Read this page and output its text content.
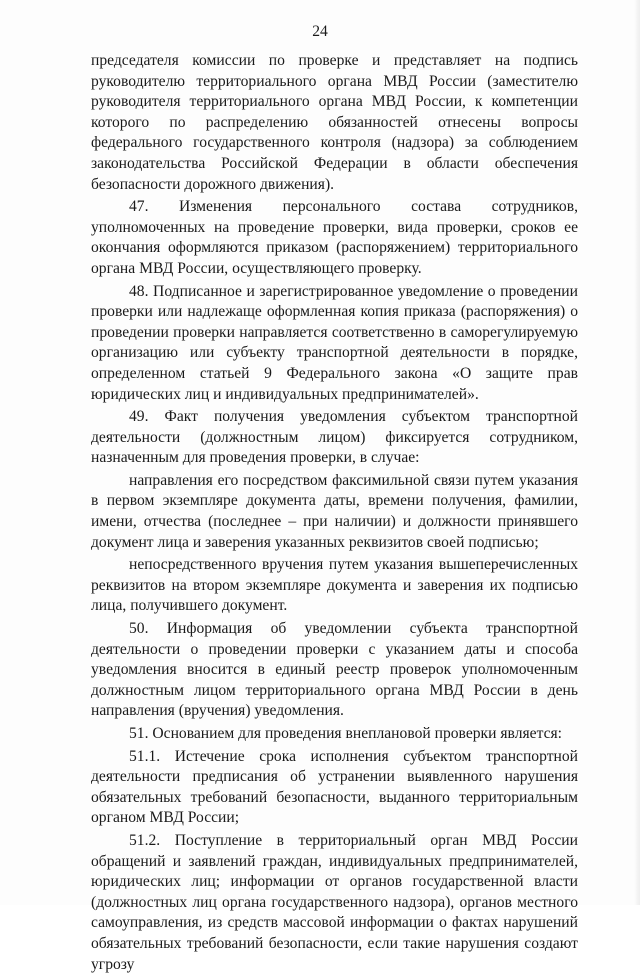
24

председателя комиссии по проверке и представляет на подпись руководителю территориального органа МВД России (заместителю руководителя территориального органа МВД России, к компетенции которого по распределению обязанностей отнесены вопросы федерального государственного контроля (надзора) за соблюдением законодательства Российской Федерации в области обеспечения безопасности дорожного движения).

47. Изменения персонального состава сотрудников, уполномоченных на проведение проверки, вида проверки, сроков ее окончания оформляются приказом (распоряжением) территориального органа МВД России, осуществляющего проверку.

48. Подписанное и зарегистрированное уведомление о проведении проверки или надлежаще оформленная копия приказа (распоряжения) о проведении проверки направляется соответственно в саморегулируемую организацию или субъекту транспортной деятельности в порядке, определенном статьей 9 Федерального закона «О защите прав юридических лиц и индивидуальных предпринимателей».

49. Факт получения уведомления субъектом транспортной деятельности (должностным лицом) фиксируется сотрудником, назначенным для проведения проверки, в случае:

направления его посредством факсимильной связи путем указания в первом экземпляре документа даты, времени получения, фамилии, имени, отчества (последнее – при наличии) и должности принявшего документ лица и заверения указанных реквизитов своей подписью;

непосредственного вручения путем указания вышеперечисленных реквизитов на втором экземпляре документа и заверения их подписью лица, получившего документ.

50. Информация об уведомлении субъекта транспортной деятельности о проведении проверки с указанием даты и способа уведомления вносится в единый реестр проверок уполномоченным должностным лицом территориального органа МВД России в день направления (вручения) уведомления.

51. Основанием для проведения внеплановой проверки является:

51.1. Истечение срока исполнения субъектом транспортной деятельности предписания об устранении выявленного нарушения обязательных требований безопасности, выданного территориальным органом МВД России;

51.2. Поступление в территориальный орган МВД России обращений и заявлений граждан, индивидуальных предпринимателей, юридических лиц; информации от органов государственной власти (должностных лиц органа государственного надзора), органов местного самоуправления, из средств массовой информации о фактах нарушений обязательных требований безопасности, если такие нарушения создают угрозу
